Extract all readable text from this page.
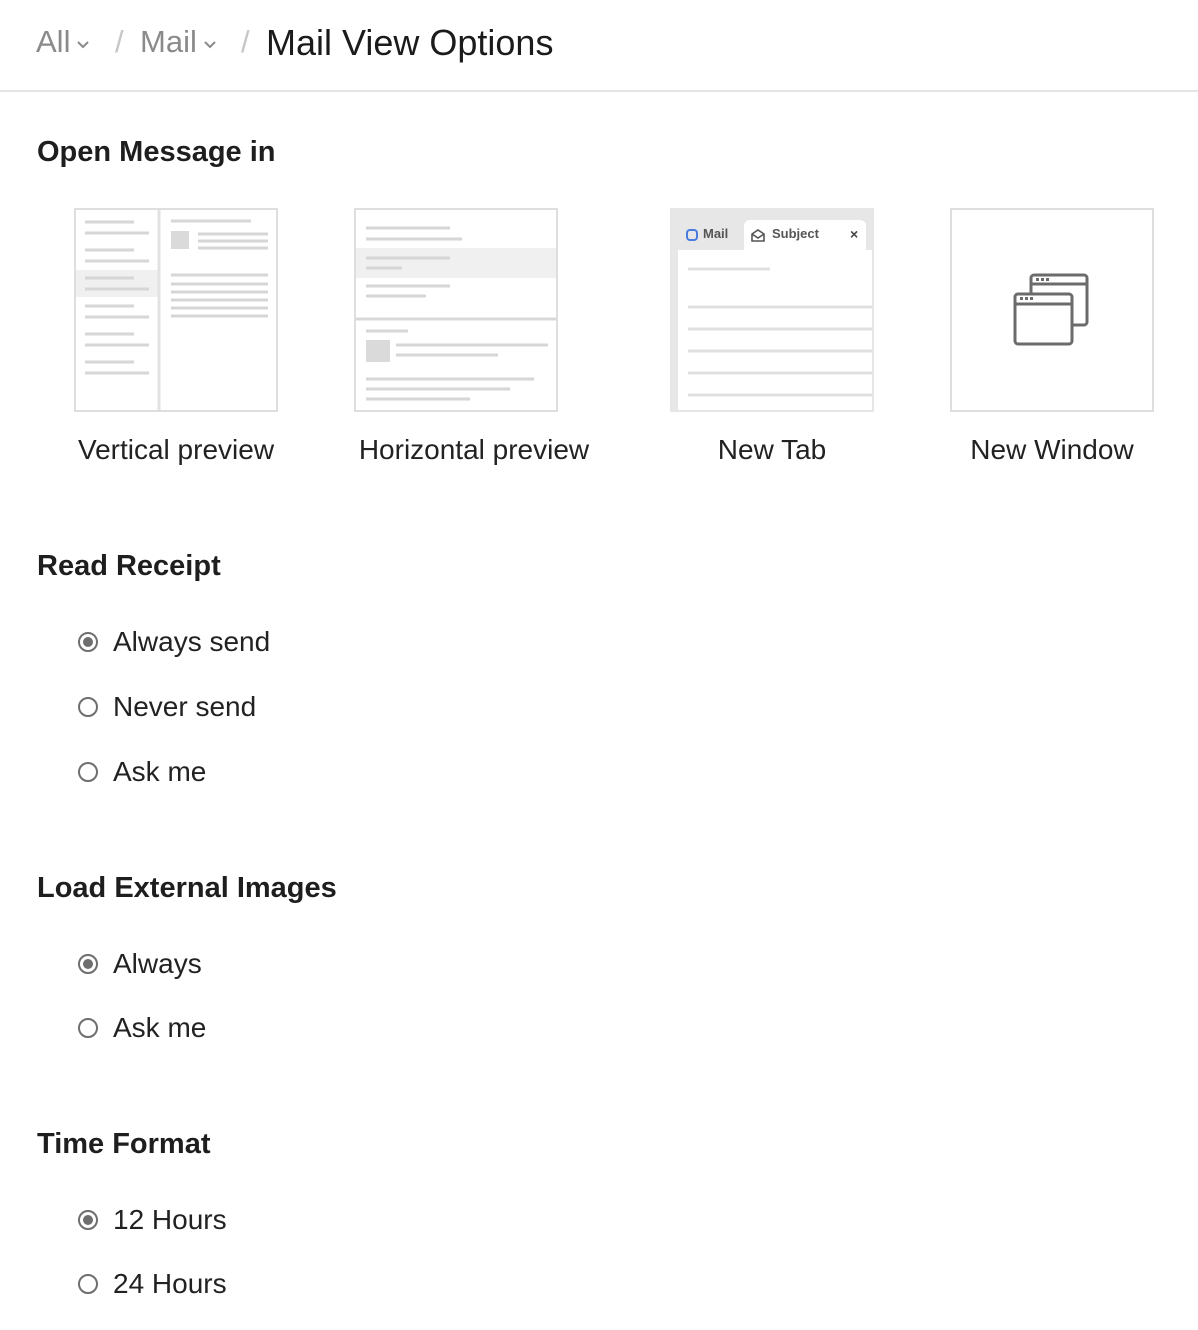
All / Mail / Mail View Options
Open Message in
Vertical preview	Horizontal preview
Mail	Subject ×
New Tab	New Window
Read Receipt
Always send
Never send
Ask me
Load External Images
Always
Ask me
Time Format
12 Hours
24 Hours
